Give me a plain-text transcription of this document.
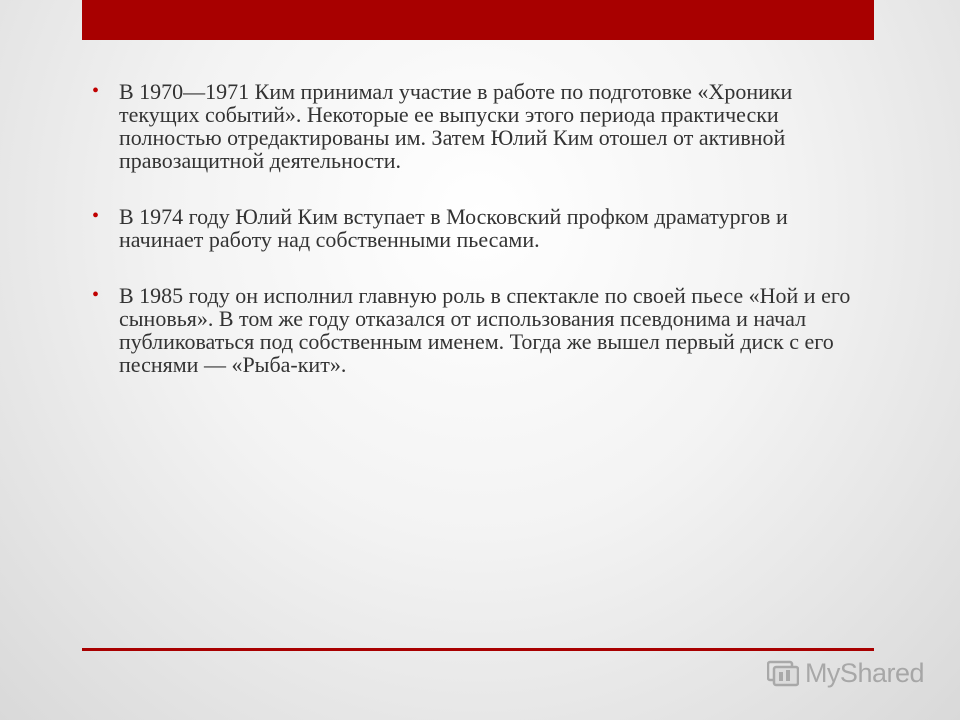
• В 1970—1971 Ким принимал участие в работе по подготовке «Хроники текущих событий». Некоторые ее выпуски этого периода практически полностью отредактированы им. Затем Юлий Ким отошел от активной правозащитной деятельности.
• В 1974 году Юлий Ким вступает в Московский профком драматургов и начинает работу над собственными пьесами.
• В 1985 году он исполнил главную роль в спектакле по своей пьесе «Ной и его сыновья». В том же году отказался от использования псевдонима и начал публиковаться под собственным именем. Тогда же вышел первый диск с его песнями — «Рыба-кит».
MyShared
